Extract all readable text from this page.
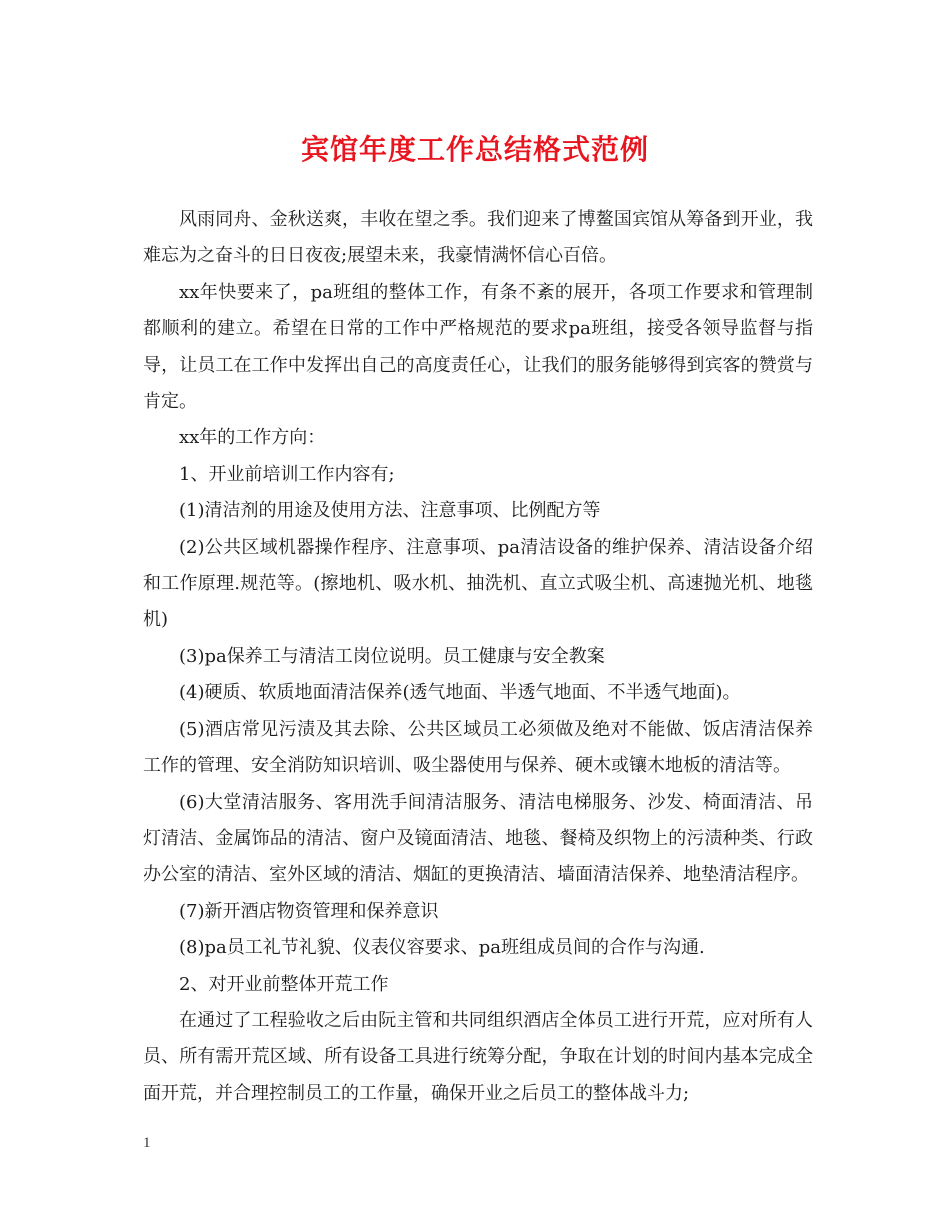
宾馆年度工作总结格式范例

风雨同舟、金秋送爽，丰收在望之季。我们迎来了博鳌国宾馆从筹备到开业，我难忘为之奋斗的日日夜夜;展望未来，我豪情满怀信心百倍。

xx年快要来了，pa班组的整体工作，有条不紊的展开，各项工作要求和管理制都顺利的建立。希望在日常的工作中严格规范的要求pa班组，接受各领导监督与指导，让员工在工作中发挥出自己的高度责任心，让我们的服务能够得到宾客的赞赏与肯定。

xx年的工作方向：

1、开业前培训工作内容有;

(1)清洁剂的用途及使用方法、注意事项、比例配方等

(2)公共区域机器操作程序、注意事项、pa清洁设备的维护保养、清洁设备介绍和工作原理.规范等。(擦地机、吸水机、抽洗机、直立式吸尘机、高速抛光机、地毯机)

(3)pa保养工与清洁工岗位说明。员工健康与安全教案

(4)硬质、软质地面清洁保养(透气地面、半透气地面、不半透气地面)。

(5)酒店常见污渍及其去除、公共区域员工必须做及绝对不能做、饭店清洁保养工作的管理、安全消防知识培训、吸尘器使用与保养、硬木或镶木地板的清洁等。

(6)大堂清洁服务、客用洗手间清洁服务、清洁电梯服务、沙发、椅面清洁、吊灯清洁、金属饰品的清洁、窗户及镜面清洁、地毯、餐椅及织物上的污渍种类、行政办公室的清洁、室外区域的清洁、烟缸的更换清洁、墙面清洁保养、地垫清洁程序。

(7)新开酒店物资管理和保养意识

(8)pa员工礼节礼貌、仪表仪容要求、pa班组成员间的合作与沟通.

2、对开业前整体开荒工作

在通过了工程验收之后由阮主管和共同组织酒店全体员工进行开荒，应对所有人员、所有需开荒区域、所有设备工具进行统筹分配，争取在计划的时间内基本完成全面开荒，并合理控制员工的工作量，确保开业之后员工的整体战斗力;

1
